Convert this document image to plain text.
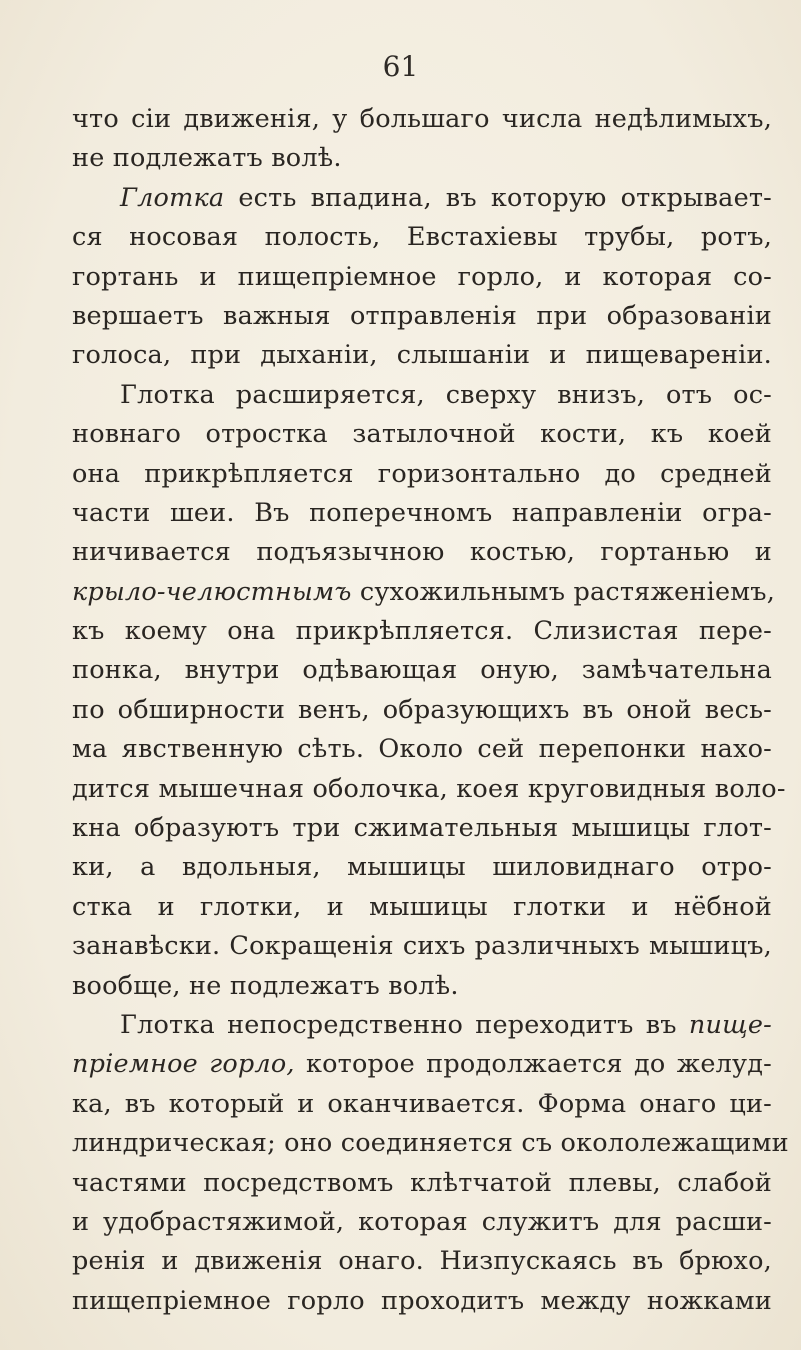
61
что сіи движенія, у большаго числа недѣлимыхъ,
не подлежатъ волѣ.
Глотка есть впадина, въ которую открывает-
ся носовая полость, Евстахіевы трубы, ротъ,
гортань и пищепріемное горло, и которая со-
вершаетъ важныя отправленія при образованіи
голоса, при дыханіи, слышаніи и пищевареніи.
Глотка расширяется, сверху внизъ, отъ ос-
новнаго отростка затылочной кости, къ коей
она прикрѣпляется горизонтально до средней
части шеи. Въ поперечномъ направленіи огра-
ничивается подъязычною костью, гортанью и
крыло-челюстнымъ сухожильнымъ растяженіемъ,
къ коему она прикрѣпляется. Слизистая пере-
понка, внутри одѣвающая оную, замѣчательна
по обширности венъ, образующихъ въ оной весь-
ма явственную сѣть. Около сей перепонки нахо-
дится мышечная оболочка, коея круговидныя воло-
кна образуютъ три сжимательныя мышицы глот-
ки, а вдольныя, мышицы шиловиднаго отро-
стка и глотки, и мышицы глотки и нёбной
занавѣски. Сокращенія сихъ различныхъ мышицъ,
вообще, не подлежатъ волѣ.
Глотка непосредственно переходитъ въ пище-
пріемное горло, которое продолжается до желуд-
ка, въ который и оканчивается. Форма онаго ци-
линдрическая; оно соединяется съ окололежащими
частями посредствомъ клѣтчатой плевы, слабой
и удобрастяжимой, которая служитъ для расши-
ренія и движенія онаго. Низпускаясь въ брюхо,
пищепріемное горло проходитъ между ножками
